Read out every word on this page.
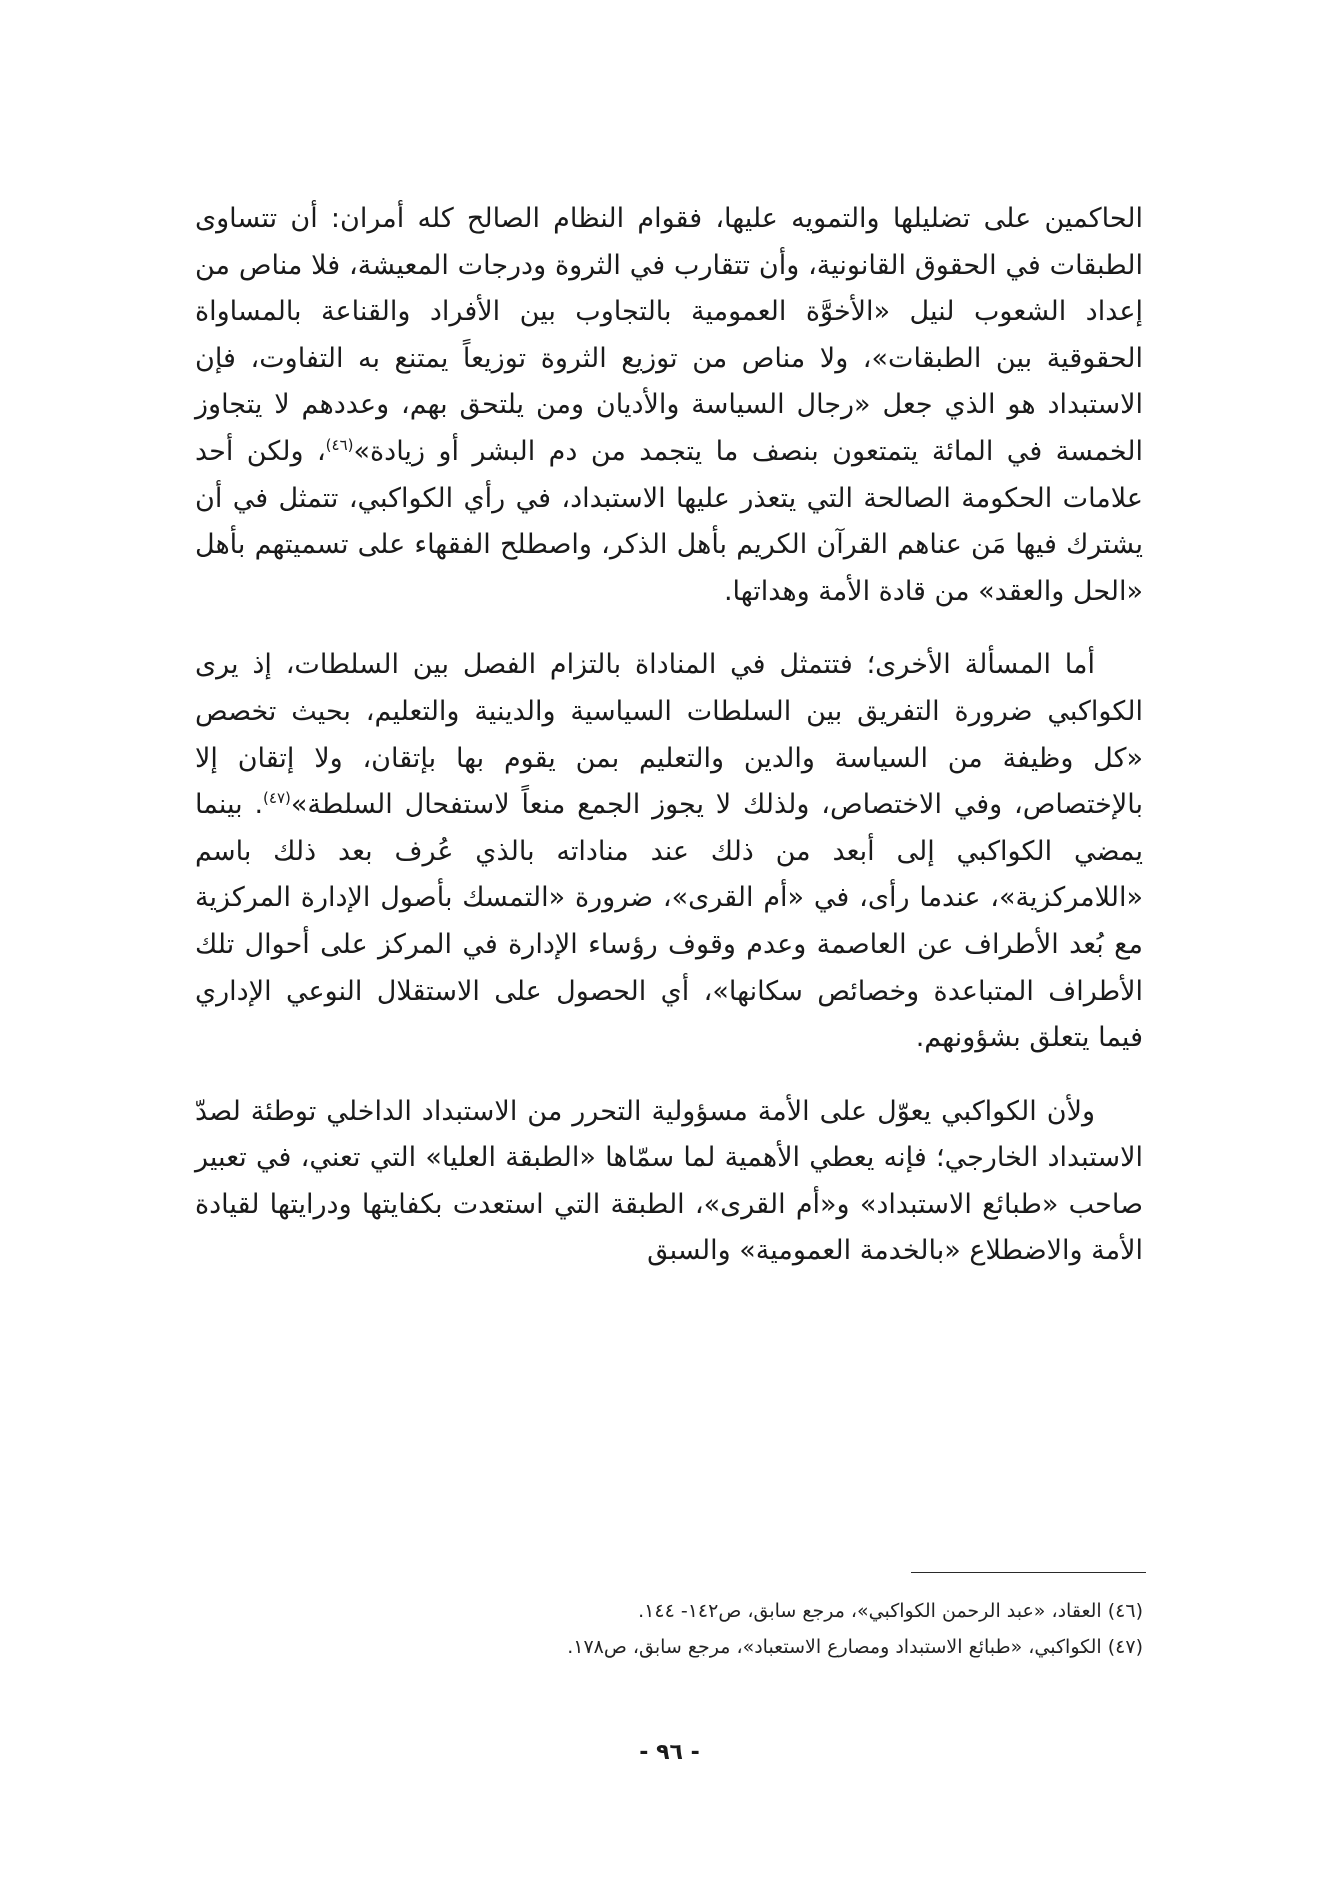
الحاكمين على تضليلها والتمويه عليها، فقوام النظام الصالح كله أمران: أن تتساوى الطبقات في الحقوق القانونية، وأن تتقارب في الثروة ودرجات المعيشة، فلا مناص من إعداد الشعوب لنيل «الأخوَّة العمومية بالتجاوب بين الأفراد والقناعة بالمساواة الحقوقية بين الطبقات»، ولا مناص من توزيع الثروة توزيعاً يمتنع به التفاوت، فإن الاستبداد هو الذي جعل «رجال السياسة والأديان ومن يلتحق بهم، وعددهم لا يتجاوز الخمسة في المائة يتمتعون بنصف ما يتجمد من دم البشر أو زيادة»$^{(٤٦)}$، ولكن أحد علامات الحكومة الصالحة التي يتعذر عليها الاستبداد، في رأي الكواكبي، تتمثل في أن يشترك فيها مَن عناهم القرآن الكريم بأهل الذكر، واصطلح الفقهاء على تسميتهم بأهل «الحل والعقد» من قادة الأمة وهداتها.

أما المسألة الأخرى؛ فتتمثل في المناداة بالتزام الفصل بين السلطات، إذ يرى الكواكبي ضرورة التفريق بين السلطات السياسية والدينية والتعليم، بحيث تخصص «كل وظيفة من السياسة والدين والتعليم بمن يقوم بها بإتقان، ولا إتقان إلا بالإختصاص، وفي الاختصاص، ولذلك لا يجوز الجمع منعاً لاستفحال السلطة»$^{(٤٧)}$. بينما يمضي الكواكبي إلى أبعد من ذلك عند مناداته بالذي عُرف بعد ذلك باسم «اللامركزية»، عندما رأى، في «أم القرى»، ضرورة «التمسك بأصول الإدارة المركزية مع بُعد الأطراف عن العاصمة وعدم وقوف رؤساء الإدارة في المركز على أحوال تلك الأطراف المتباعدة وخصائص سكانها»، أي الحصول على الاستقلال النوعي الإداري فيما يتعلق بشؤونهم.

ولأن الكواكبي يعوّل على الأمة مسؤولية التحرر من الاستبداد الداخلي توطئة لصدّ الاستبداد الخارجي؛ فإنه يعطي الأهمية لما سمّاها «الطبقة العليا» التي تعني، في تعبير صاحب «طبائع الاستبداد» و«أم القرى»، الطبقة التي استعدت بكفايتها ودرايتها لقيادة الأمة والاضطلاع «بالخدمة العمومية» والسبق

(٤٦) العقاد، «عبد الرحمن الكواكبي»، مرجع سابق، ص١٤٢- ١٤٤.

(٤٧) الكواكبي، «طبائع الاستبداد ومصارع الاستعباد»، مرجع سابق، ص١٧٨.

- ٩٦ -
